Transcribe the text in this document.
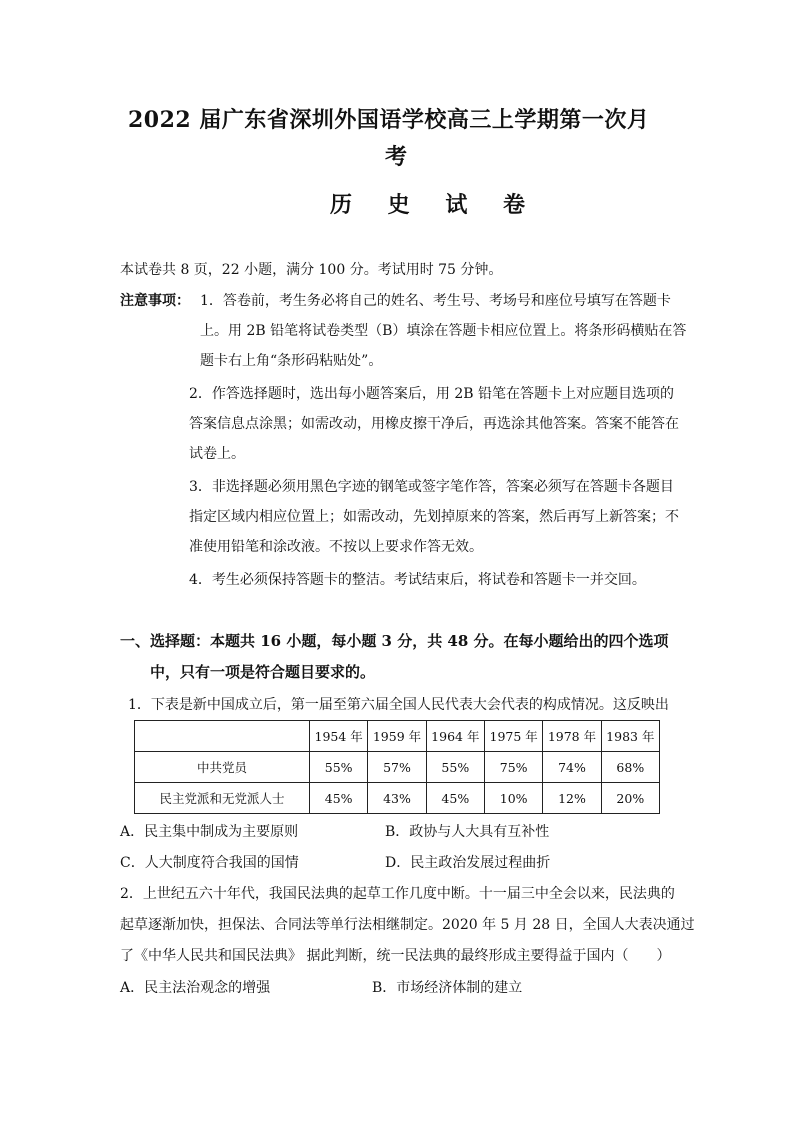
2022 届广东省深圳外国语学校高三上学期第一次月
考
历 史 试 卷
本试卷共 8 页，22 小题，满分 100 分。考试用时 75 分钟。
注意事项： 1．答卷前，考生务必将自己的姓名、考生号、考场号和座位号填写在答题卡
上。用 2B 铅笔将试卷类型（B）填涂在答题卡相应位置上。将条形码横贴在答
题卡右上角“条形码粘贴处”。
2．作答选择题时，选出每小题答案后，用 2B 铅笔在答题卡上对应题目选项的
答案信息点涂黑；如需改动，用橡皮擦干净后，再选涂其他答案。答案不能答在
试卷上。
3．非选择题必须用黑色字迹的钢笔或签字笔作答，答案必须写在答题卡各题目
指定区域内相应位置上；如需改动，先划掉原来的答案，然后再写上新答案；不
准使用铅笔和涂改液。不按以上要求作答无效。
4．考生必须保持答题卡的整洁。考试结束后，将试卷和答题卡一并交回。
一、选择题：本题共 16 小题，每小题 3 分，共 48 分。在每小题给出的四个选项
中，只有一项是符合题目要求的。
1．下表是新中国成立后，第一届至第六届全国人民代表大会代表的构成情况。这反映出
	1954 年	1959 年	1964 年	1975 年	1978 年	1983 年
中共党员	55%	57%	55%	75%	74%	68%
民主党派和无党派人士	45%	43%	45%	10%	12%	20%
A．民主集中制成为主要原则	B．政协与人大具有互补性
C．人大制度符合我国的国情	D．民主政治发展过程曲折
2．上世纪五六十年代，我国民法典的起草工作几度中断。十一届三中全会以来，民法典的
起草逐渐加快，担保法、合同法等单行法相继制定。2020 年 5 月 28 日，全国人大表决通过
了《中华人民共和国民法典》 据此判断，统一民法典的最终形成主要得益于国内（　　）
A．民主法治观念的增强	B．市场经济体制的建立
